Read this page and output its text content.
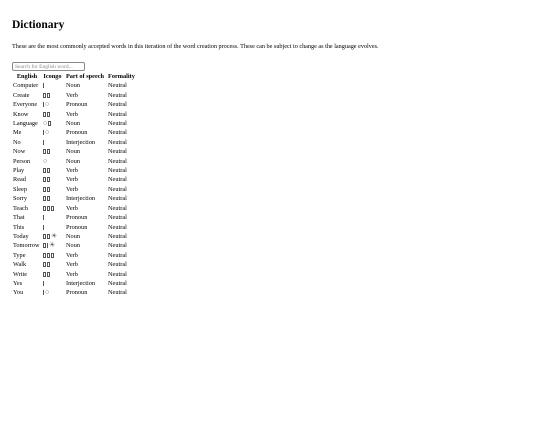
Dictionary

These are the most commonly accepted words in this iteration of the word creation process. These can be subject to change as the language evolves.

Search for English word...
English	Icongo	Part of speech	Formality
Computer		Noun	Neutral
Create		Verb	Neutral
Everyone	○	Pronoun	Neutral
Know		Verb	Neutral
Language	○	Noun	Neutral
Me	○	Pronoun	Neutral
No		Interjection	Neutral
Now		Noun	Neutral
Person	○	Noun	Neutral
Play		Verb	Neutral
Read		Verb	Neutral
Sleep		Verb	Neutral
Sorry		Interjection	Neutral
Teach		Verb	Neutral
That		Pronoun	Neutral
This		Pronoun	Neutral
Today	☀	Noun	Neutral
Tomorrow	☀	Noun	Neutral
Type		Verb	Neutral
Walk		Verb	Neutral
Write		Verb	Neutral
Yes		Interjection	Neutral
You	○	Pronoun	Neutral
